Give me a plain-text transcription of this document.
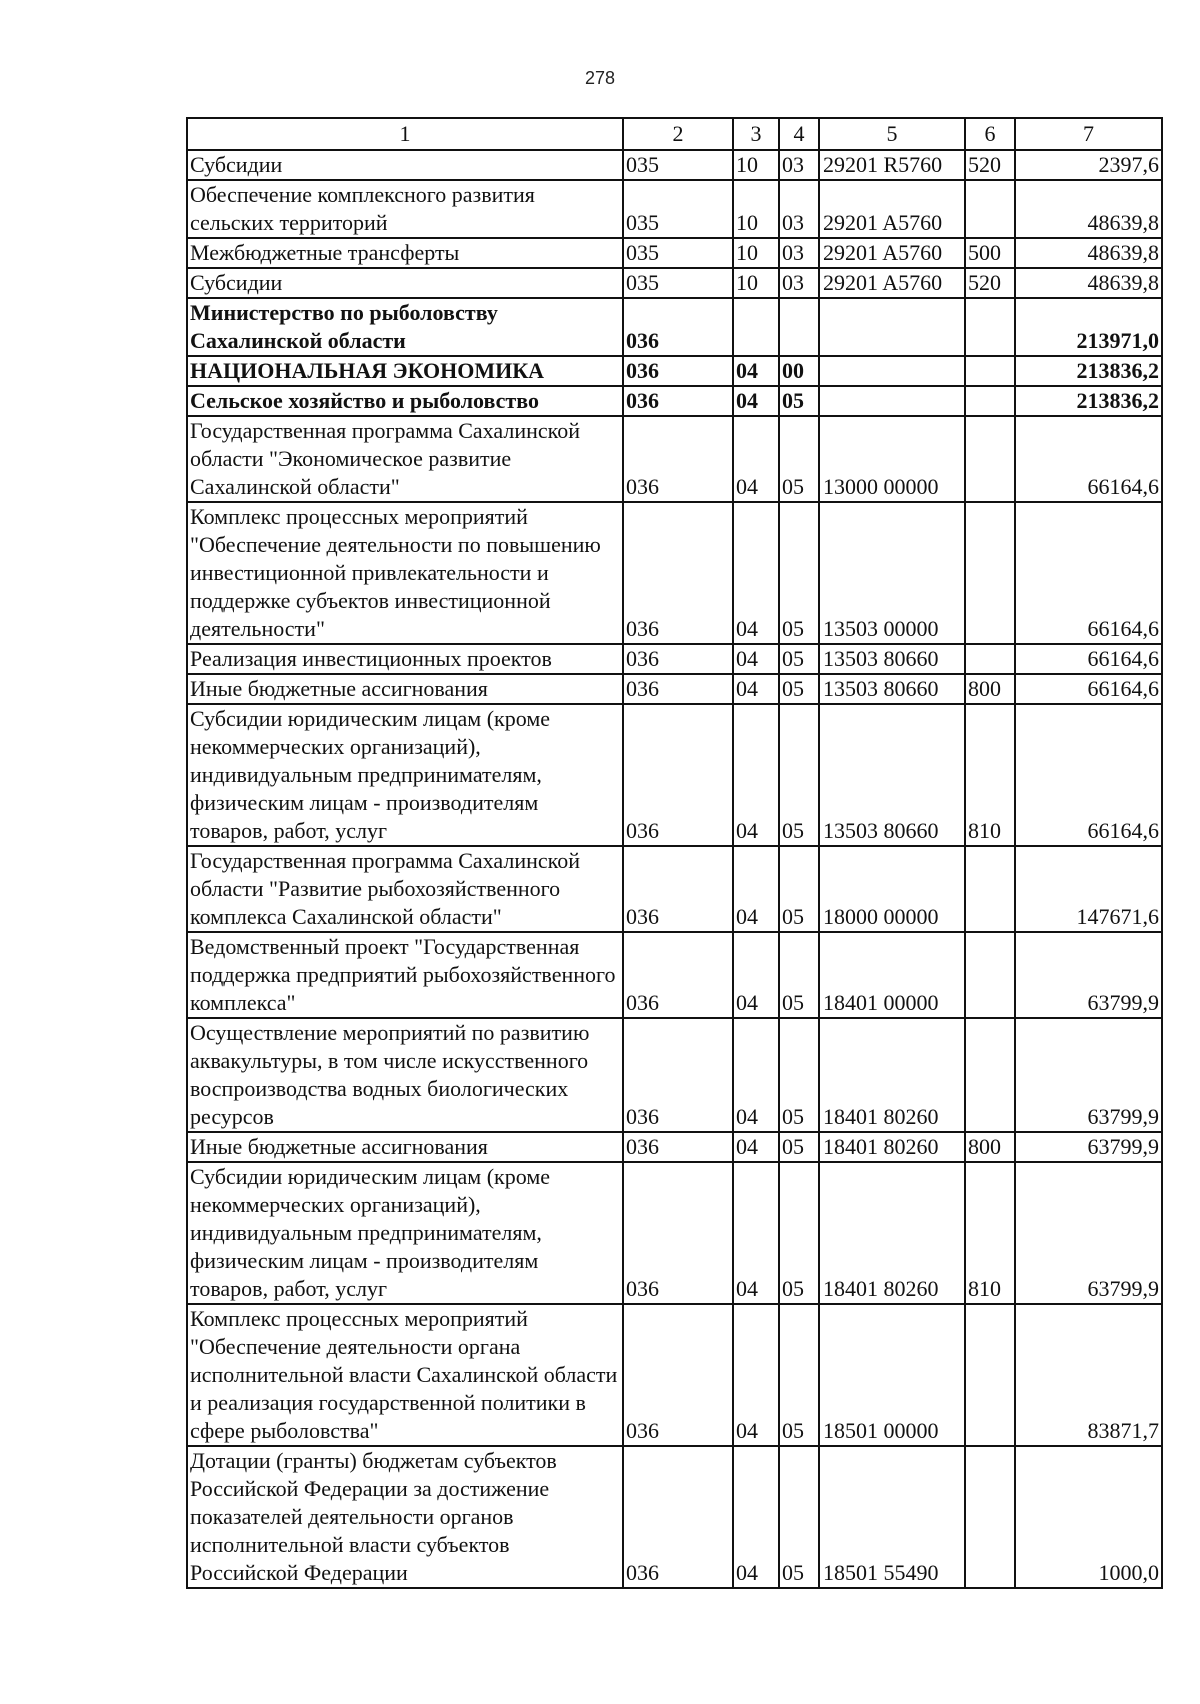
278
1	2	3	4	5	6	7
Субсидии	035	10	03	29201 R5760	520	2397,6
Обеспечение комплексного развития сельских территорий	035	10	03	29201 A5760		48639,8
Межбюджетные трансферты	035	10	03	29201 A5760	500	48639,8
Субсидии	035	10	03	29201 A5760	520	48639,8
Министерство по рыболовству Сахалинской области	036					213971,0
НАЦИОНАЛЬНАЯ ЭКОНОМИКА	036	04	00			213836,2
Сельское хозяйство и рыболовство	036	04	05			213836,2
Государственная программа Сахалинской области "Экономическое развитие Сахалинской области"	036	04	05	13000 00000		66164,6
Комплекс процессных мероприятий "Обеспечение деятельности по повышению инвестиционной привлекательности и поддержке субъектов инвестиционной деятельности"	036	04	05	13503 00000		66164,6
Реализация инвестиционных проектов	036	04	05	13503 80660		66164,6
Иные бюджетные ассигнования	036	04	05	13503 80660	800	66164,6
Субсидии юридическим лицам (кроме некоммерческих организаций), индивидуальным предпринимателям, физическим лицам - производителям товаров, работ, услуг	036	04	05	13503 80660	810	66164,6
Государственная программа Сахалинской области "Развитие рыбохозяйственного комплекса Сахалинской области"	036	04	05	18000 00000		147671,6
Ведомственный проект "Государственная поддержка предприятий рыбохозяйственного комплекса"	036	04	05	18401 00000		63799,9
Осуществление мероприятий по развитию аквакультуры, в том числе искусственного воспроизводства водных биологических ресурсов	036	04	05	18401 80260		63799,9
Иные бюджетные ассигнования	036	04	05	18401 80260	800	63799,9
Субсидии юридическим лицам (кроме некоммерческих организаций), индивидуальным предпринимателям, физическим лицам - производителям товаров, работ, услуг	036	04	05	18401 80260	810	63799,9
Комплекс процессных мероприятий "Обеспечение деятельности органа исполнительной власти Сахалинской области и реализация государственной политики в сфере рыболовства"	036	04	05	18501 00000		83871,7
Дотации (гранты) бюджетам субъектов Российской Федерации за достижение показателей деятельности органов исполнительной власти субъектов Российской Федерации	036	04	05	18501 55490		1000,0
